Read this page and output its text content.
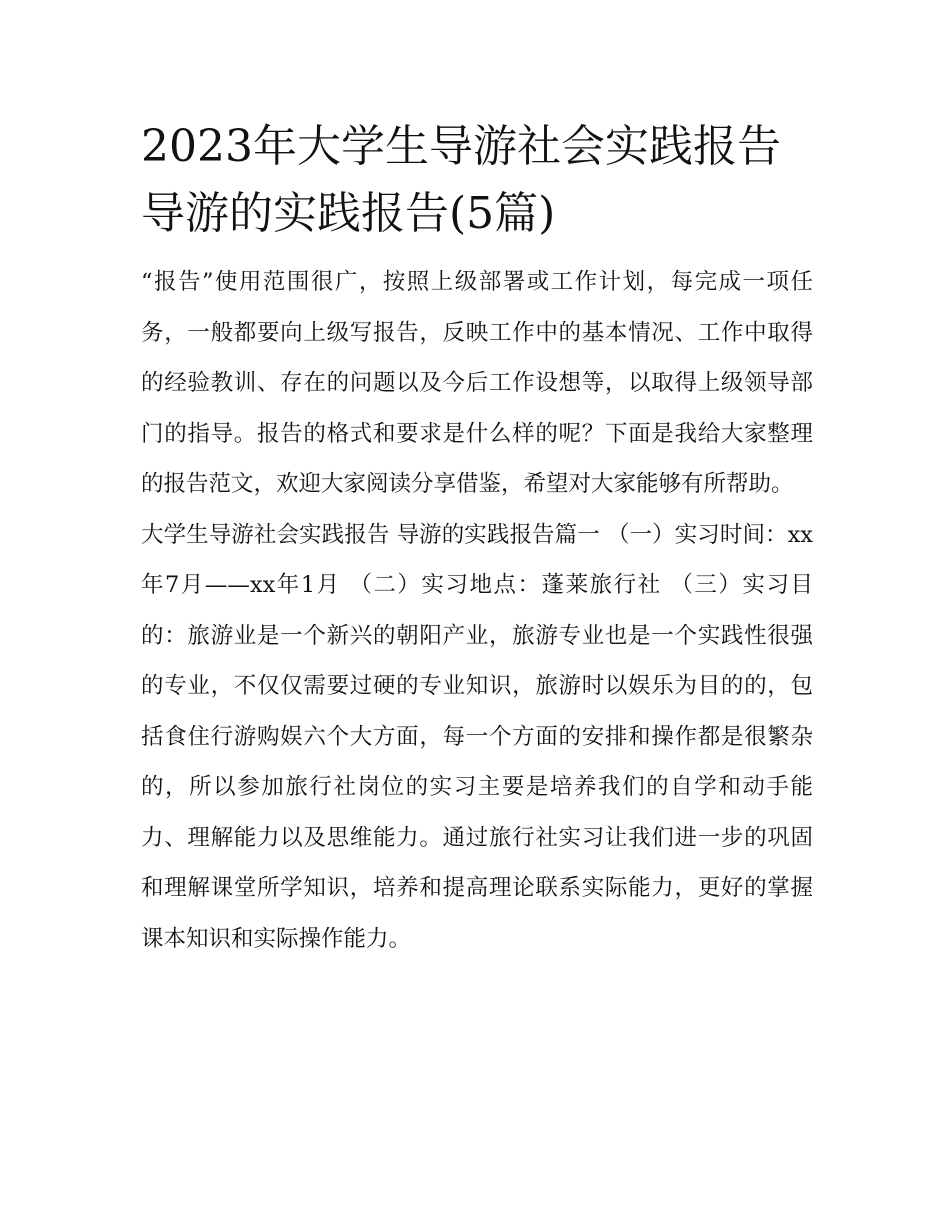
2023年大学生导游社会实践报告 导游的实践报告(5篇)

“报告”使用范围很广，按照上级部署或工作计划，每完成一项任务，一般都要向上级写报告，反映工作中的基本情况、工作中取得的经验教训、存在的问题以及今后工作设想等，以取得上级领导部门的指导。报告的格式和要求是什么样的呢？下面是我给大家整理的报告范文，欢迎大家阅读分享借鉴，希望对大家能够有所帮助。

大学生导游社会实践报告 导游的实践报告篇一 （一）实习时间：xx年7月——xx年1月 （二）实习地点：蓬莱旅行社 （三）实习目的：旅游业是一个新兴的朝阳产业，旅游专业也是一个实践性很强的专业，不仅仅需要过硬的专业知识，旅游时以娱乐为目的的，包括食住行游购娱六个大方面，每一个方面的安排和操作都是很繁杂的，所以参加旅行社岗位的实习主要是培养我们的自学和动手能力、理解能力以及思维能力。通过旅行社实习让我们进一步的巩固和理解课堂所学知识，培养和提高理论联系实际能力，更好的掌握课本知识和实际操作能力。
